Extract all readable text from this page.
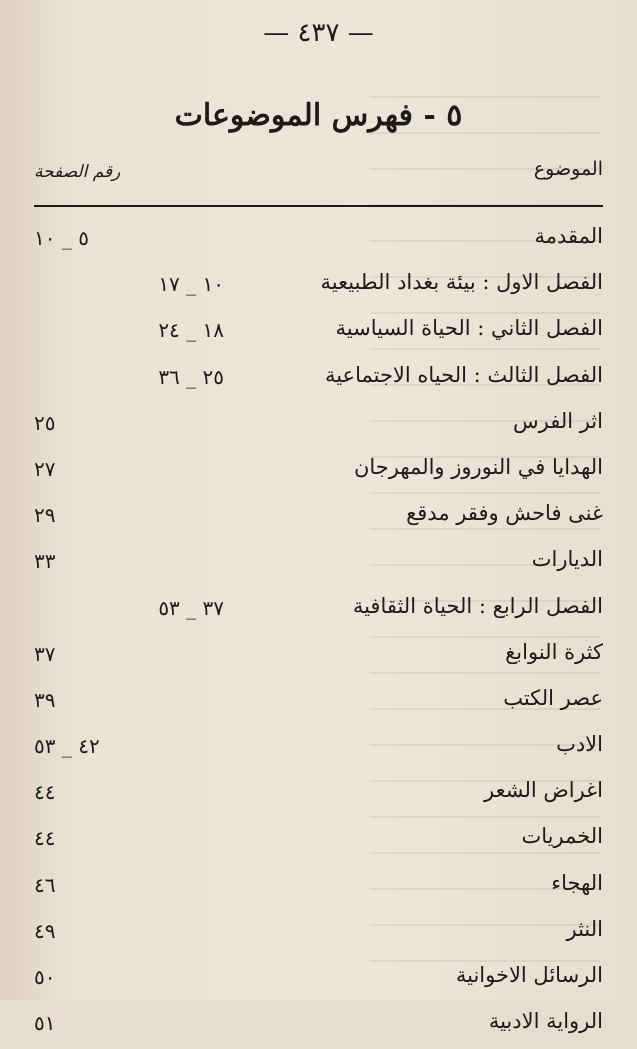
— ٤٣٧ —
٥ - فهرس الموضوعات
الموضوع
رقم الصفحة
المقدمة
٥ _ ١٠
الفصل الاول : بيئة بغداد الطبيعية
١٠ _ ١٧
الفصل الثاني : الحياة السياسية
١٨ _ ٢٤
الفصل الثالث : الحياه الاجتماعية
٢٥ _ ٣٦
اثر الفرس
٢٥
الهدايا في النوروز والمهرجان
٢٧
غنى فاحش وفقر مدقع
٢٩
الديارات
٣٣
الفصل الرابع : الحياة الثقافية
٣٧ _ ٥٣
كثرة النوابغ
٣٧
عصر الكتب
٣٩
الادب
٤٢ _ ٥٣
اغراض الشعر
٤٤
الخمريات
٤٤
الهجاء
٤٦
النثر
٤٩
الرسائل الاخوانية
٥٠
الرواية الادبية
٥١
